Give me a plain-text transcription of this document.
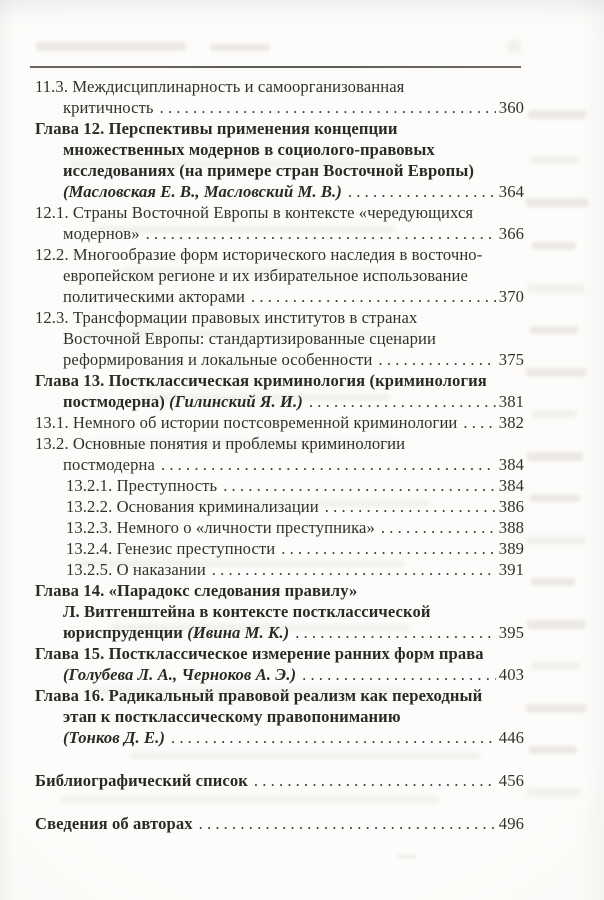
11.3. Междисциплинарность и самоорганизованная
критичность .....	360
Глава 12. Перспективы применения концепции
множественных модернов в социолого-правовых
исследованиях (на примере стран Восточной Европы)
(Масловская Е. В., Масловский М. В.) .....	364
12.1. Страны Восточной Европы в контексте «чередующихся
модернов» .....	366
12.2. Многообразие форм исторического наследия в восточно-
европейском регионе и их избирательное использование
политическими акторами .....	370
12.3. Трансформации правовых институтов в странах
Восточной Европы: стандартизированные сценарии
реформирования и локальные особенности .....	375
Глава 13. Постклассическая криминология (криминология
постмодерна) (Гилинский Я. И.) .....	381
13.1. Немного об истории постсовременной криминологии ..... 382
13.2. Основные понятия и проблемы криминологии
постмодерна .....	384
13.2.1. Преступность .....	384
13.2.2. Основания криминализации .....	386
13.2.3. Немного о «личности преступника» .....	388
13.2.4. Генезис преступности .....	389
13.2.5. О наказании .....	391
Глава 14. «Парадокс следования правилу»
Л. Витгенштейна в контексте постклассической
юриспруденции (Ивина М. К.) .....	395
Глава 15. Постклассическое измерение ранних форм права
(Голубева Л. А., Черноков А. Э.) .....	403
Глава 16. Радикальный правовой реализм как переходный
этап к постклассическому правопониманию
(Тонков Д. Е.) .....	446
Библиографический список .....	456
Сведения об авторах .....	496
